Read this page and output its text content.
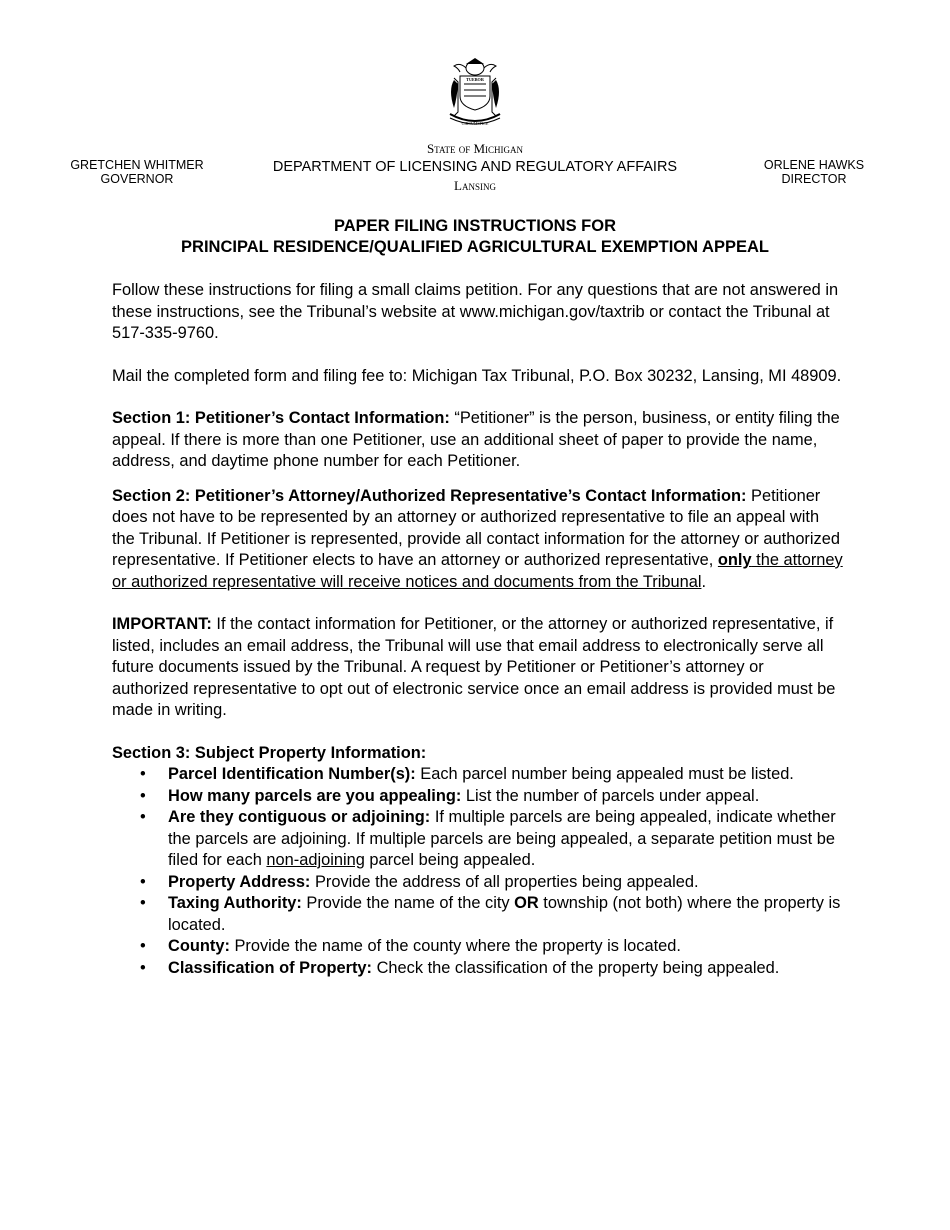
TUEBOR
CIRCUMSPICE
GRETCHEN WHITMER
GOVERNOR
State of Michigan
DEPARTMENT OF LICENSING AND REGULATORY AFFAIRS
Lansing
ORLENE HAWKS
DIRECTOR
PAPER FILING INSTRUCTIONS FOR
PRINCIPAL RESIDENCE/QUALIFIED AGRICULTURAL EXEMPTION APPEAL

Follow these instructions for filing a small claims petition. For any questions that are not answered in these instructions, see the Tribunal’s website at www.michigan.gov/taxtrib or contact the Tribunal at 517-335-9760.

Mail the completed form and filing fee to: Michigan Tax Tribunal, P.O. Box 30232, Lansing, MI 48909.

Section 1: Petitioner’s Contact Information: “Petitioner” is the person, business, or entity filing the appeal. If there is more than one Petitioner, use an additional sheet of paper to provide the name, address, and daytime phone number for each Petitioner.

Section 2: Petitioner’s Attorney/Authorized Representative’s Contact Information: Petitioner does not have to be represented by an attorney or authorized representative to file an appeal with the Tribunal. If Petitioner is represented, provide all contact information for the attorney or authorized representative. If Petitioner elects to have an attorney or authorized representative, only the attorney or authorized representative will receive notices and documents from the Tribunal.

IMPORTANT: If the contact information for Petitioner, or the attorney or authorized representative, if listed, includes an email address, the Tribunal will use that email address to electronically serve all future documents issued by the Tribunal. A request by Petitioner or Petitioner’s attorney or authorized representative to opt out of electronic service once an email address is provided must be made in writing.

Section 3: Subject Property Information:

• Parcel Identification Number(s): Each parcel number being appealed must be listed.
• How many parcels are you appealing: List the number of parcels under appeal.
• Are they contiguous or adjoining: If multiple parcels are being appealed, indicate whether the parcels are adjoining. If multiple parcels are being appealed, a separate petition must be filed for each non-adjoining parcel being appealed.
• Property Address: Provide the address of all properties being appealed.
• Taxing Authority: Provide the name of the city OR township (not both) where the property is located.
• County: Provide the name of the county where the property is located.
• Classification of Property: Check the classification of the property being appealed.
